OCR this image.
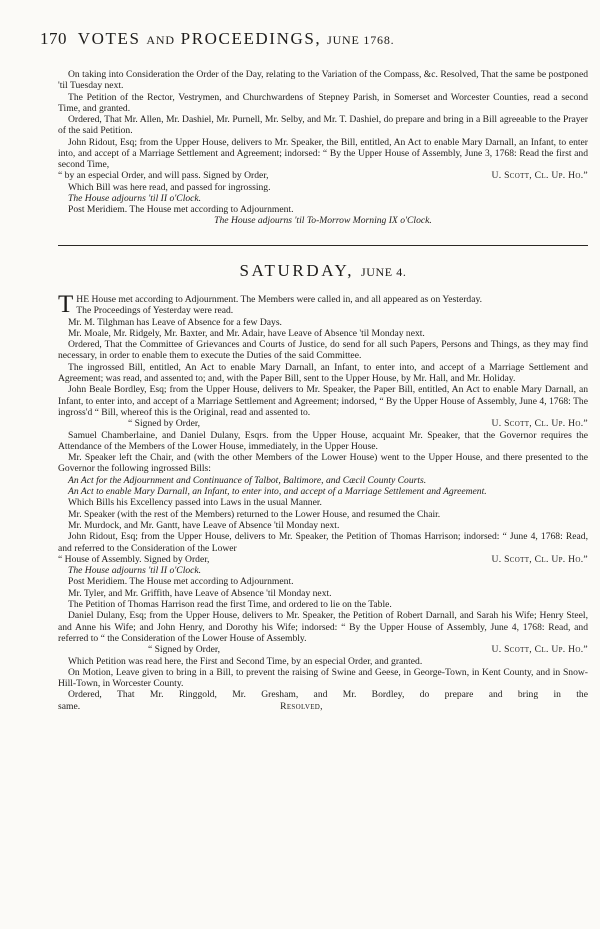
170 VOTES AND PROCEEDINGS, JUNE 1768.

On taking into Consideration the Order of the Day, relating to the Variation of the Compass, &c. Resolved, That the same be postponed 'til Tuesday next.

The Petition of the Rector, Vestrymen, and Churchwardens of Stepney Parish, in Somerset and Worcester Counties, read a second Time, and granted.

Ordered, That Mr. Allen, Mr. Dashiel, Mr. Purnell, Mr. Selby, and Mr. T. Dashiel, do prepare and bring in a Bill agreeable to the Prayer of the said Petition.

John Ridout, Esq; from the Upper House, delivers to Mr. Speaker, the Bill, entitled, An Act to enable Mary Darnall, an Infant, to enter into, and accept of a Marriage Settlement and Agreement; indorsed: “ By the Upper House of Assembly, June 3, 1768: Read the first and second Time,

“ by an especial Order, and will pass. Signed by Order,	U. Scott, Cl. Up. Ho.”

Which Bill was here read, and passed for ingrossing.

The House adjourns 'til II o'Clock.

Post Meridiem. The House met according to Adjournment.

The House adjourns 'til To-Morrow Morning IX o'Clock.

SATURDAY, JUNE 4.

THE House met according to Adjournment. The Members were called in, and all appeared as on Yesterday.

The Proceedings of Yesterday were read.

Mr. M. Tilghman has Leave of Absence for a few Days.

Mr. Moale, Mr. Ridgely, Mr. Baxter, and Mr. Adair, have Leave of Absence 'til Monday next.

Ordered, That the Committee of Grievances and Courts of Justice, do send for all such Papers, Persons and Things, as they may find necessary, in order to enable them to execute the Duties of the said Committee.

The ingrossed Bill, entitled, An Act to enable Mary Darnall, an Infant, to enter into, and accept of a Marriage Settlement and Agreement; was read, and assented to; and, with the Paper Bill, sent to the Upper House, by Mr. Hall, and Mr. Holiday.

John Beale Bordley, Esq; from the Upper House, delivers to Mr. Speaker, the Paper Bill, entitled, An Act to enable Mary Darnall, an Infant, to enter into, and accept of a Marriage Settlement and Agreement; indorsed, “ By the Upper House of Assembly, June 4, 1768: The ingross'd “ Bill, whereof this is the Original, read and assented to.

“ Signed by Order,	U. Scott, Cl. Up. Ho.”

Samuel Chamberlaine, and Daniel Dulany, Esqrs. from the Upper House, acquaint Mr. Speaker, that the Governor requires the Attendance of the Members of the Lower House, immediately, in the Upper House.

Mr. Speaker left the Chair, and (with the other Members of the Lower House) went to the Upper House, and there presented to the Governor the following ingrossed Bills:

An Act for the Adjournment and Continuance of Talbot, Baltimore, and Cæcil County Courts.

An Act to enable Mary Darnall, an Infant, to enter into, and accept of a Marriage Settlement and Agreement.

Which Bills his Excellency passed into Laws in the usual Manner.

Mr. Speaker (with the rest of the Members) returned to the Lower House, and resumed the Chair.

Mr. Murdock, and Mr. Gantt, have Leave of Absence 'til Monday next.

John Ridout, Esq; from the Upper House, delivers to Mr. Speaker, the Petition of Thomas Harrison; indorsed: “ June 4, 1768: Read, and referred to the Consideration of the Lower

“ House of Assembly. Signed by Order,	U. Scott, Cl. Up. Ho.”

The House adjourns 'til II o'Clock.

Post Meridiem. The House met according to Adjournment.

Mr. Tyler, and Mr. Griffith, have Leave of Absence 'til Monday next.

The Petition of Thomas Harrison read the first Time, and ordered to lie on the Table.

Daniel Dulany, Esq; from the Upper House, delivers to Mr. Speaker, the Petition of Robert Darnall, and Sarah his Wife; Henry Steel, and Anne his Wife; and John Henry, and Dorothy his Wife; indorsed: “ By the Upper House of Assembly, June 4, 1768: Read, and referred to “ the Consideration of the Lower House of Assembly.

“ Signed by Order,	U. Scott, Cl. Up. Ho.”

Which Petition was read here, the First and Second Time, by an especial Order, and granted.

On Motion, Leave given to bring in a Bill, to prevent the raising of Swine and Geese, in George-Town, in Kent County, and in Snow-Hill-Town, in Worcester County.

Ordered, That Mr. Ringgold, Mr. Gresham, and Mr. Bordley, do prepare and bring in the same.	Resolved,
